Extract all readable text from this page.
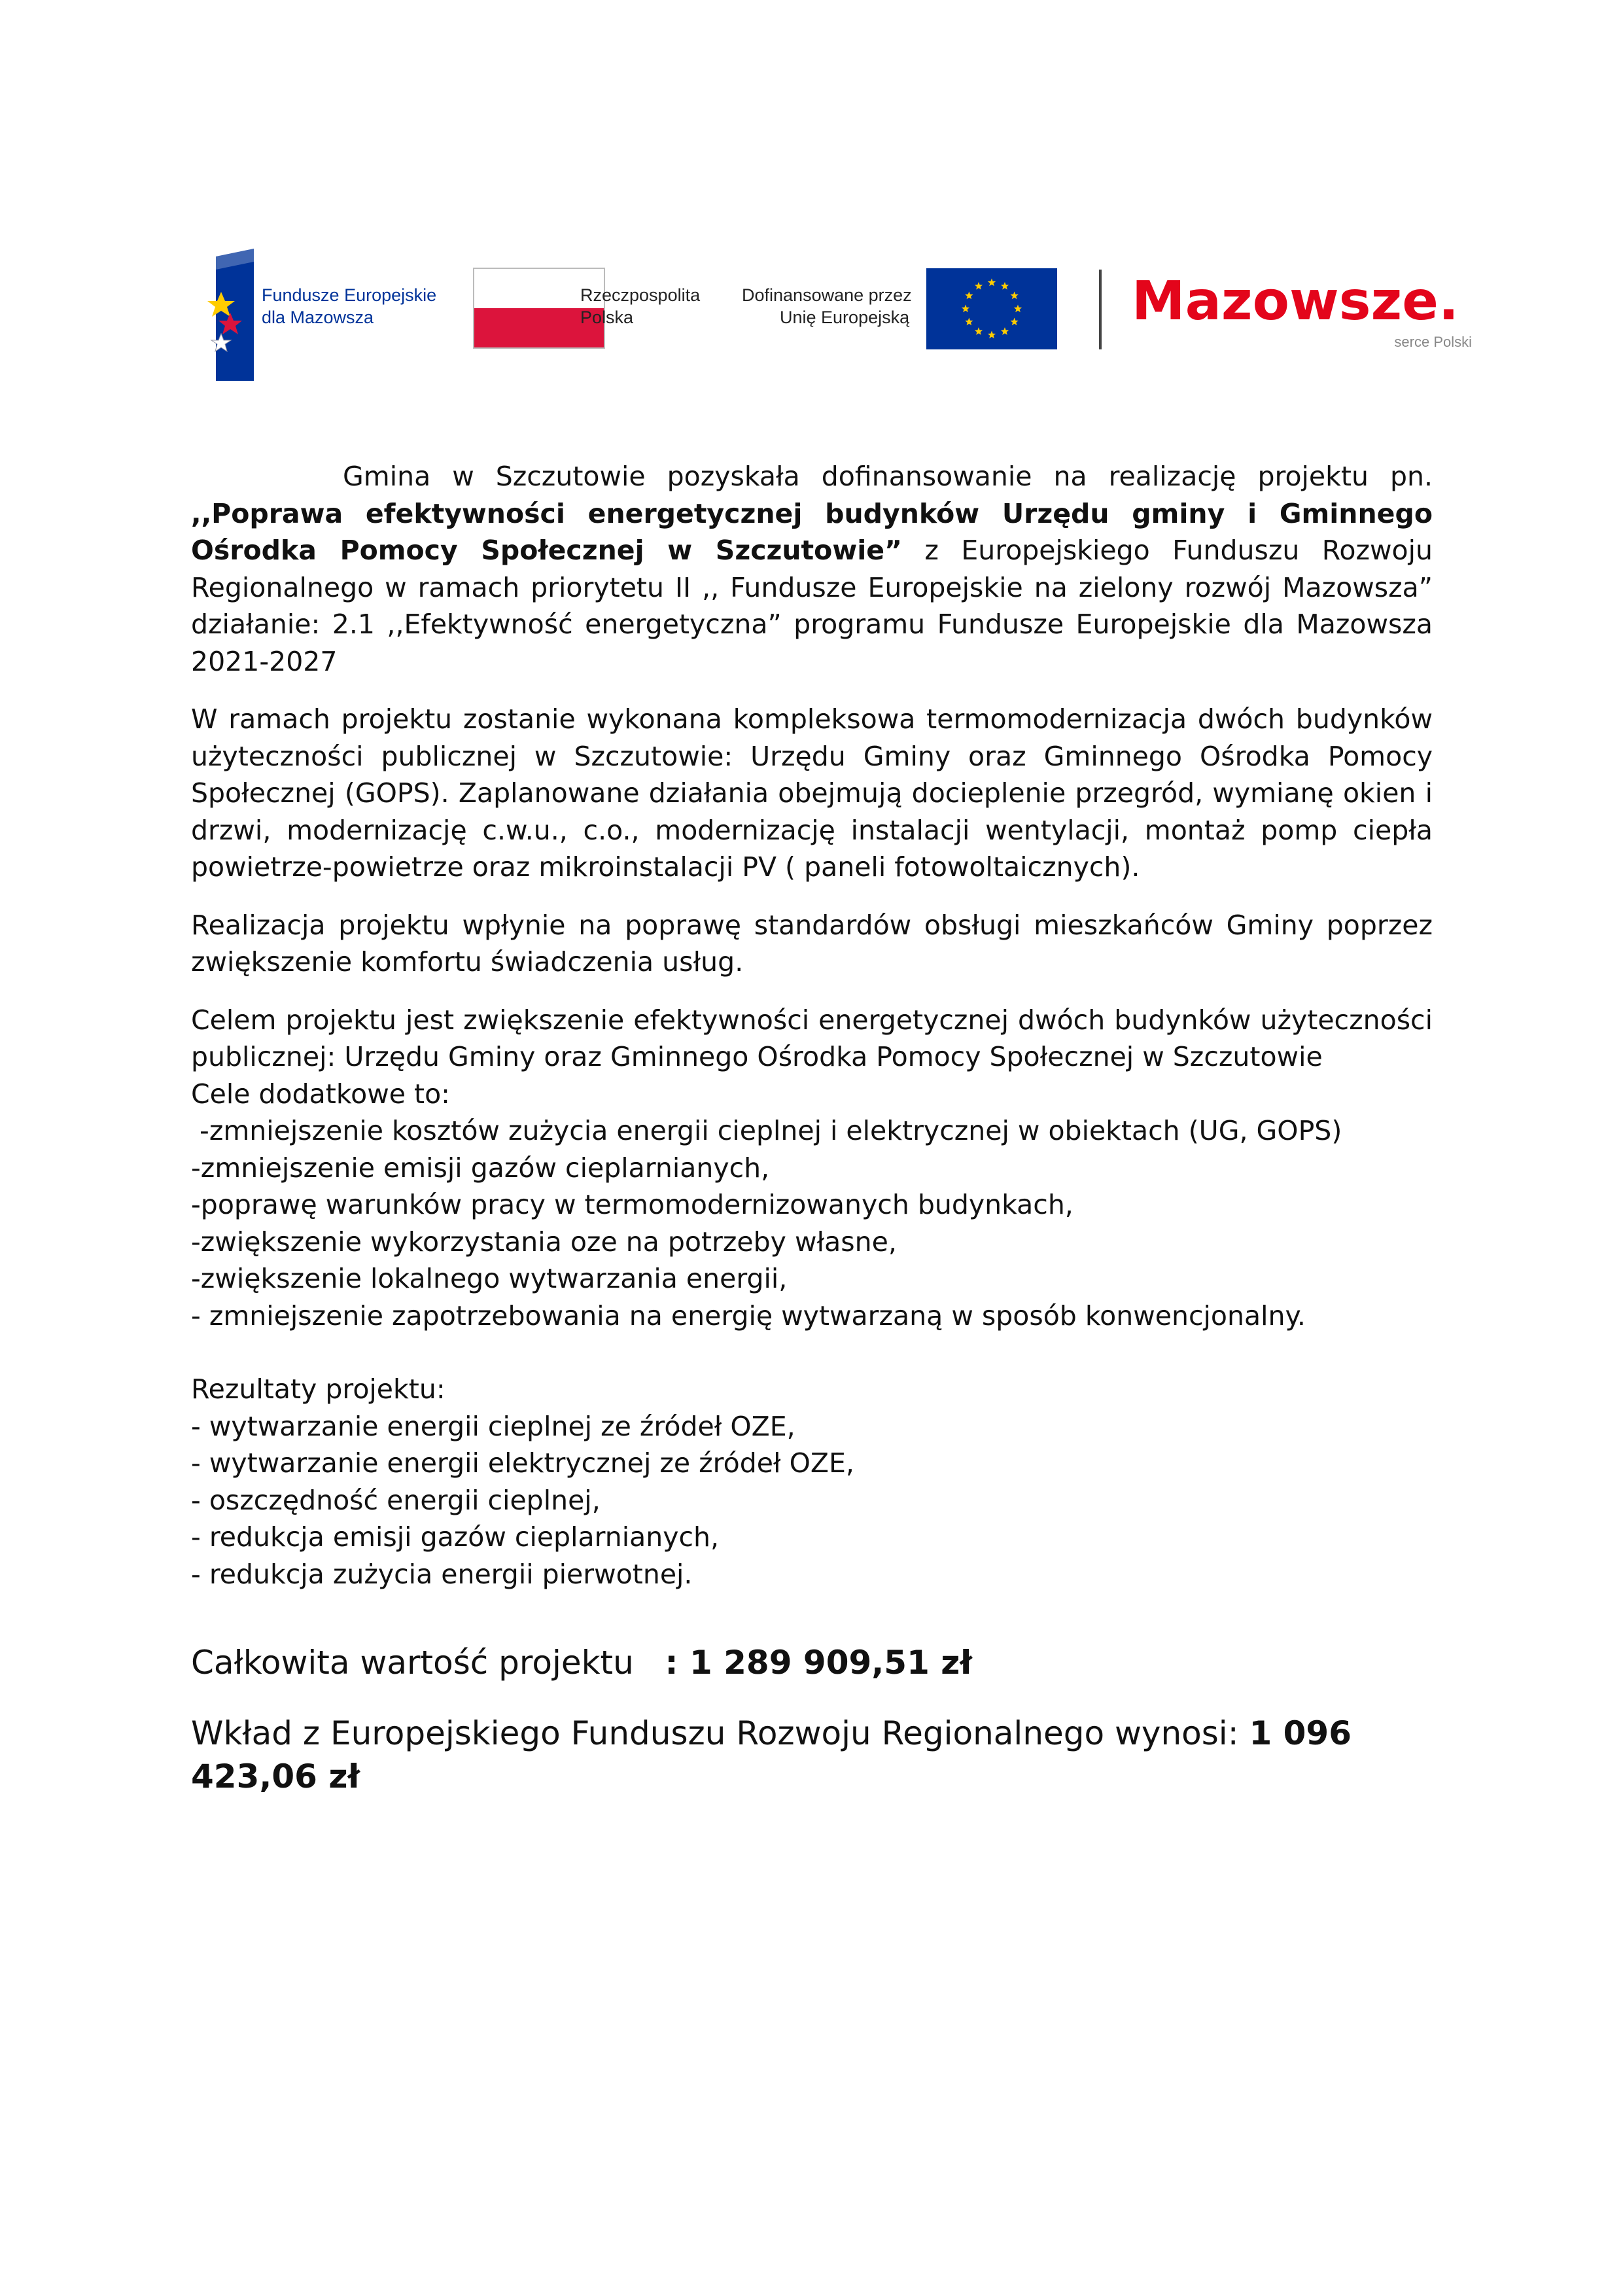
Fundusze Europejskie
dla Mazowsza
Rzeczpospolita
Polska
Dofinansowane przez
Unię Europejską	Mazowsze.
serce Polski

Gmina w Szczutowie pozyskała dofinansowanie na realizację projektu pn. ,,Poprawa efektywności energetycznej budynków Urzędu gminy i Gminnego Ośrodka Pomocy Społecznej w Szczutowie” z Europejskiego Funduszu Rozwoju Regionalnego w ramach priorytetu II ,, Fundusze Europejskie na zielony rozwój Mazowsza” działanie: 2.1 ,,Efektywność energetyczna” programu Fundusze Europejskie dla Mazowsza 2021-2027

W ramach projektu zostanie wykonana kompleksowa termomodernizacja dwóch budynków użyteczności publicznej w Szczutowie: Urzędu Gminy oraz Gminnego Ośrodka Pomocy Społecznej (GOPS). Zaplanowane działania obejmują docieplenie przegród, wymianę okien i drzwi, modernizację c.w.u., c.o., modernizację instalacji wentylacji, montaż pomp ciepła powietrze-powietrze oraz mikroinstalacji PV ( paneli fotowoltaicznych).

Realizacja projektu wpłynie na poprawę standardów obsługi mieszkańców Gminy poprzez zwiększenie komfortu świadczenia usług.

Celem projektu jest zwiększenie efektywności energetycznej dwóch budynków użyteczności publicznej: Urzędu Gminy oraz Gminnego Ośrodka Pomocy Społecznej w Szczutowie

Cele dodatkowe to:
-zmniejszenie kosztów zużycia energii cieplnej i elektrycznej w obiektach (UG, GOPS)
-zmniejszenie emisji gazów cieplarnianych,
-poprawę warunków pracy w termomodernizowanych budynkach,
-zwiększenie wykorzystania oze na potrzeby własne,
-zwiększenie lokalnego wytwarzania energii,
- zmniejszenie zapotrzebowania na energię wytwarzaną w sposób konwencjonalny.
Rezultaty projektu:
- wytwarzanie energii cieplnej ze źródeł OZE,
- wytwarzanie energii elektrycznej ze źródeł OZE,
- oszczędność energii cieplnej,
- redukcja emisji gazów cieplarnianych,
- redukcja zużycia energii pierwotnej.
Całkowita wartość projektu   : 1 289 909,51 zł
Wkład z Europejskiego Funduszu Rozwoju Regionalnego wynosi: 1 096 423,06 zł
